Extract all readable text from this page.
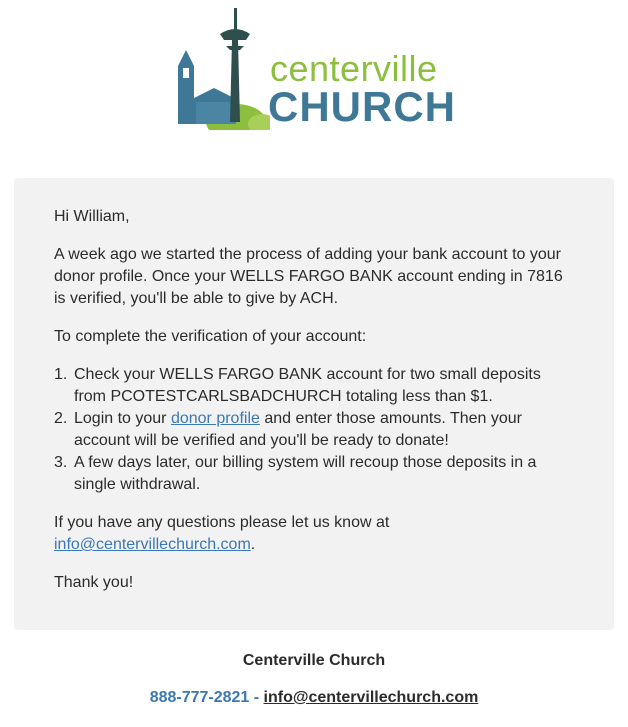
centerville
CHURCH

Hi William,

A week ago we started the process of adding your bank account to your donor profile. Once your WELLS FARGO BANK account ending in 7816 is verified, you'll be able to give by ACH.

To complete the verification of your account:

1. Check your WELLS FARGO BANK account for two small deposits from PCOTESTCARLSBADCHURCH totaling less than $1.
2. Login to your donor profile and enter those amounts. Then your account will be verified and you'll be ready to donate!
3. A few days later, our billing system will recoup those deposits in a single withdrawal.

If you have any questions please let us know at
info@centervillechurch.com.

Thank you!

Centerville Church
888-777-2821 - info@centervillechurch.com
